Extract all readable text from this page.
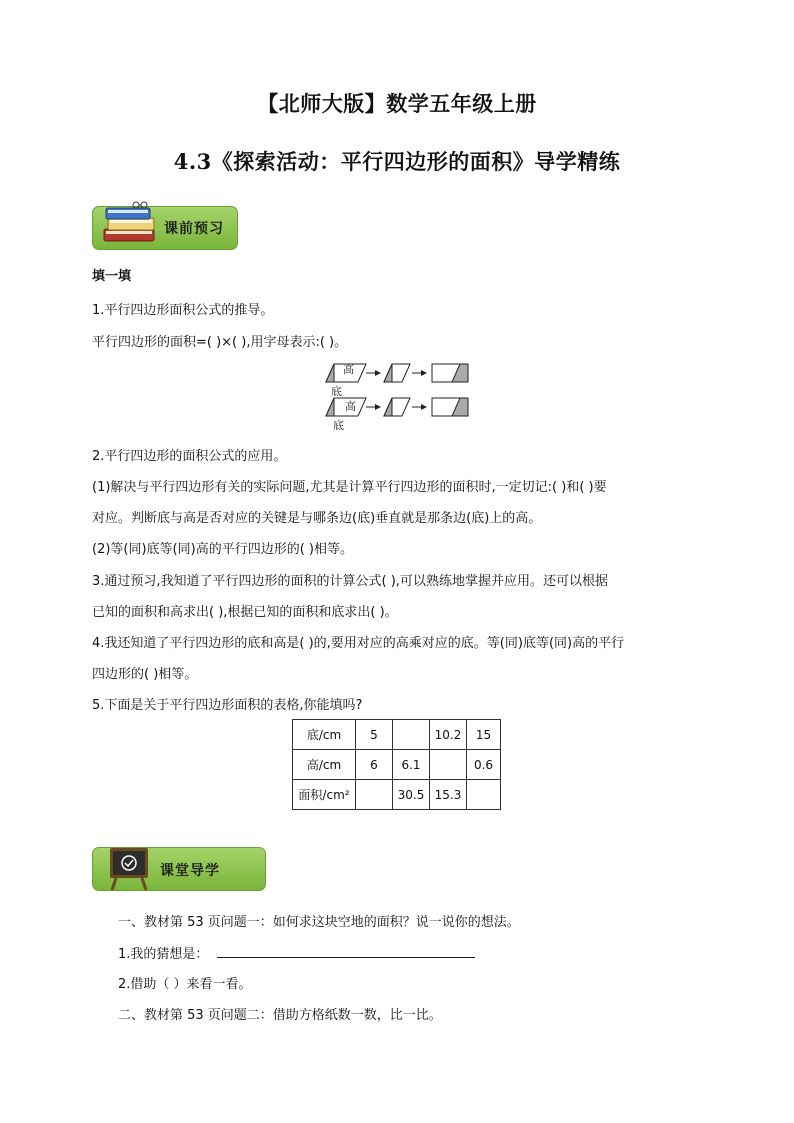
【北师大版】数学五年级上册
4.3《探索活动：平行四边形的面积》导学精练
课前预习
填一填
1.平行四边形面积公式的推导。
平行四边形的面积=( )×( ),用字母表示:( )。
高
底
高
底
2.平行四边形的面积公式的应用。
(1)解决与平行四边形有关的实际问题,尤其是计算平行四边形的面积时,一定切记:( )和( )要
对应。判断底与高是否对应的关键是与哪条边(底)垂直就是那条边(底)上的高。
(2)等(同)底等(同)高的平行四边形的( )相等。
3.通过预习,我知道了平行四边形的面积的计算公式( ),可以熟练地掌握并应用。还可以根据
已知的面积和高求出( ),根据已知的面积和底求出( )。
4.我还知道了平行四边形的底和高是( )的,要用对应的高乘对应的底。等(同)底等(同)高的平行
四边形的( )相等。
5.下面是关于平行四边形面积的表格,你能填吗?
底/cm	5		10.2	15
高/cm	6	6.1		0.6
面积/cm²		30.5	15.3	
课堂导学
一、教材第 53 页问题一：如何求这块空地的面积？说一说你的想法。
1.我的猜想是：
2.借助（ ）来看一看。
二、教材第 53 页问题二：借助方格纸数一数，比一比。
